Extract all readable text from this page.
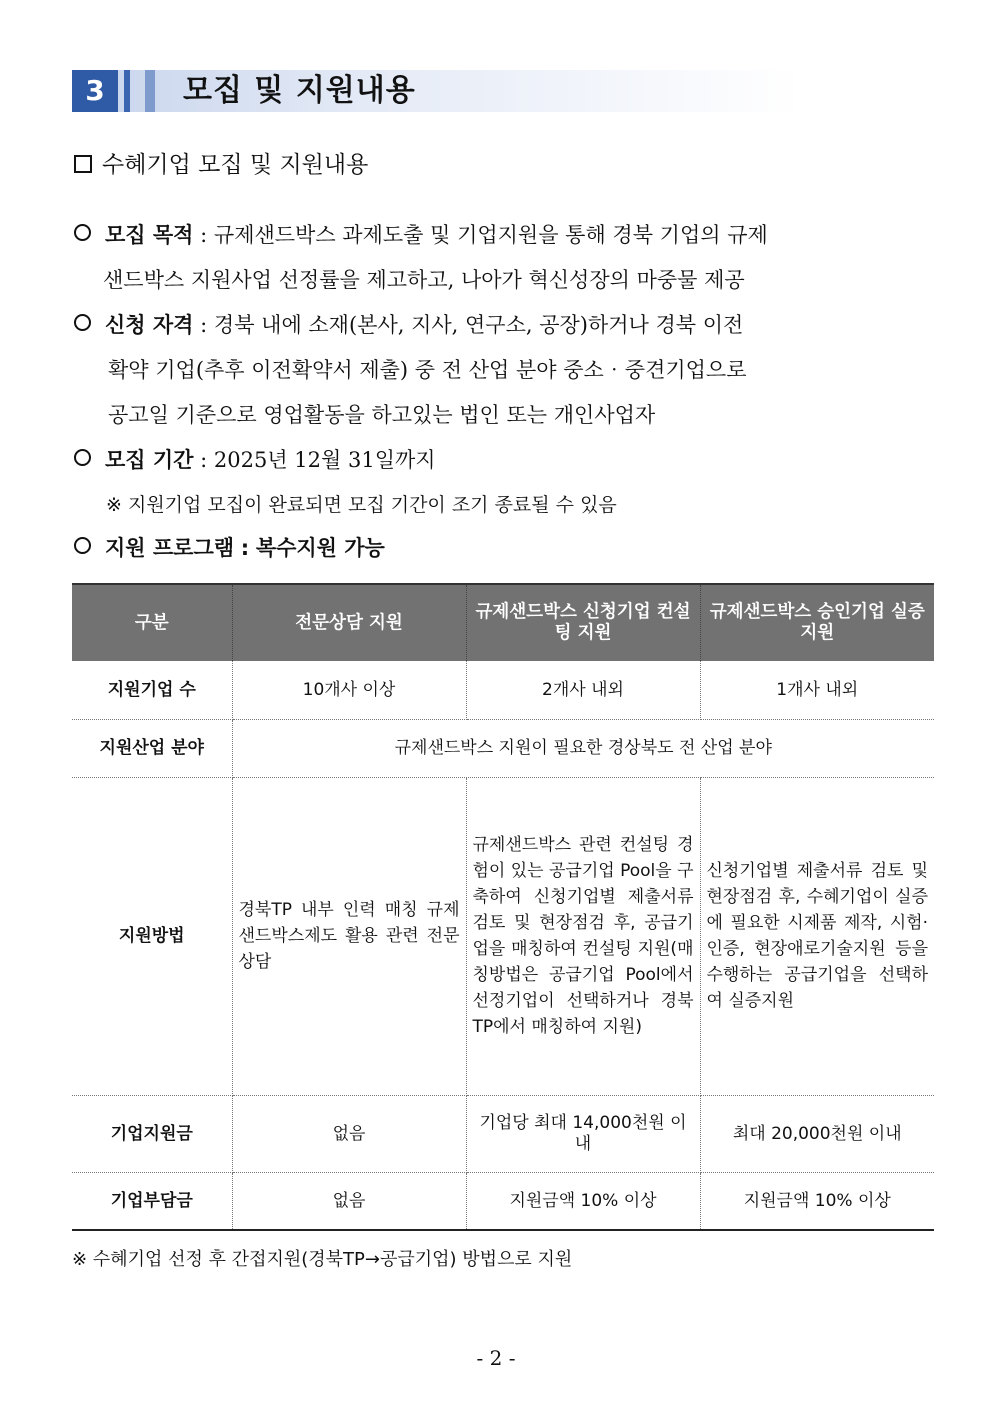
3	모집 및 지원내용
수혜기업 모집 및 지원내용
모집 목적 : 규제샌드박스 과제도출 및 기업지원을 통해 경북 기업의 규제
샌드박스 지원사업 선정률을 제고하고, 나아가 혁신성장의 마중물 제공
신청 자격 : 경북 내에 소재(본사, 지사, 연구소, 공장)하거나 경북 이전
확약 기업(추후 이전확약서 제출) 중 전 산업 분야 중소‧중견기업으로
공고일 기준으로 영업활동을 하고있는 법인 또는 개인사업자
모집 기간 : 2025년 12월 31일까지
※ 지원기업 모집이 완료되면 모집 기간이 조기 종료될 수 있음
지원 프로그램 : 복수지원 가능
구분	전문상담 지원	규제샌드박스 신청기업 컨설팅 지원	규제샌드박스 승인기업 실증 지원
지원기업 수	10개사 이상	2개사 내외	1개사 내외
지원산업 분야	규제샌드박스 지원이 필요한 경상북도 전 산업 분야		
지원방법	경북TP 내부 인력 매칭 규제샌드박스제도 활용 관련 전문상담	규제샌드박스 관련 컨설팅 경험이 있는 공급기업 Pool을 구축하여 신청기업별 제출서류 검토 및 현장점검 후, 공급기업을 매칭하여 컨설팅 지원(매칭방법은 공급기업 Pool에서 선정기업이 선택하거나 경북TP에서 매칭하여 지원)	신청기업별 제출서류 검토 및 현장점검 후, 수혜기업이 실증에 필요한 시제품 제작, 시험‧인증, 현장애로기술지원 등을 수행하는 공급기업을 선택하여 실증지원
기업지원금	없음	기업당 최대 14,000천원 이내	최대 20,000천원 이내
기업부담금	없음	지원금액 10% 이상	지원금액 10% 이상
※ 수혜기업 선정 후 간접지원(경북TP→공급기업) 방법으로 지원
- 2 -
